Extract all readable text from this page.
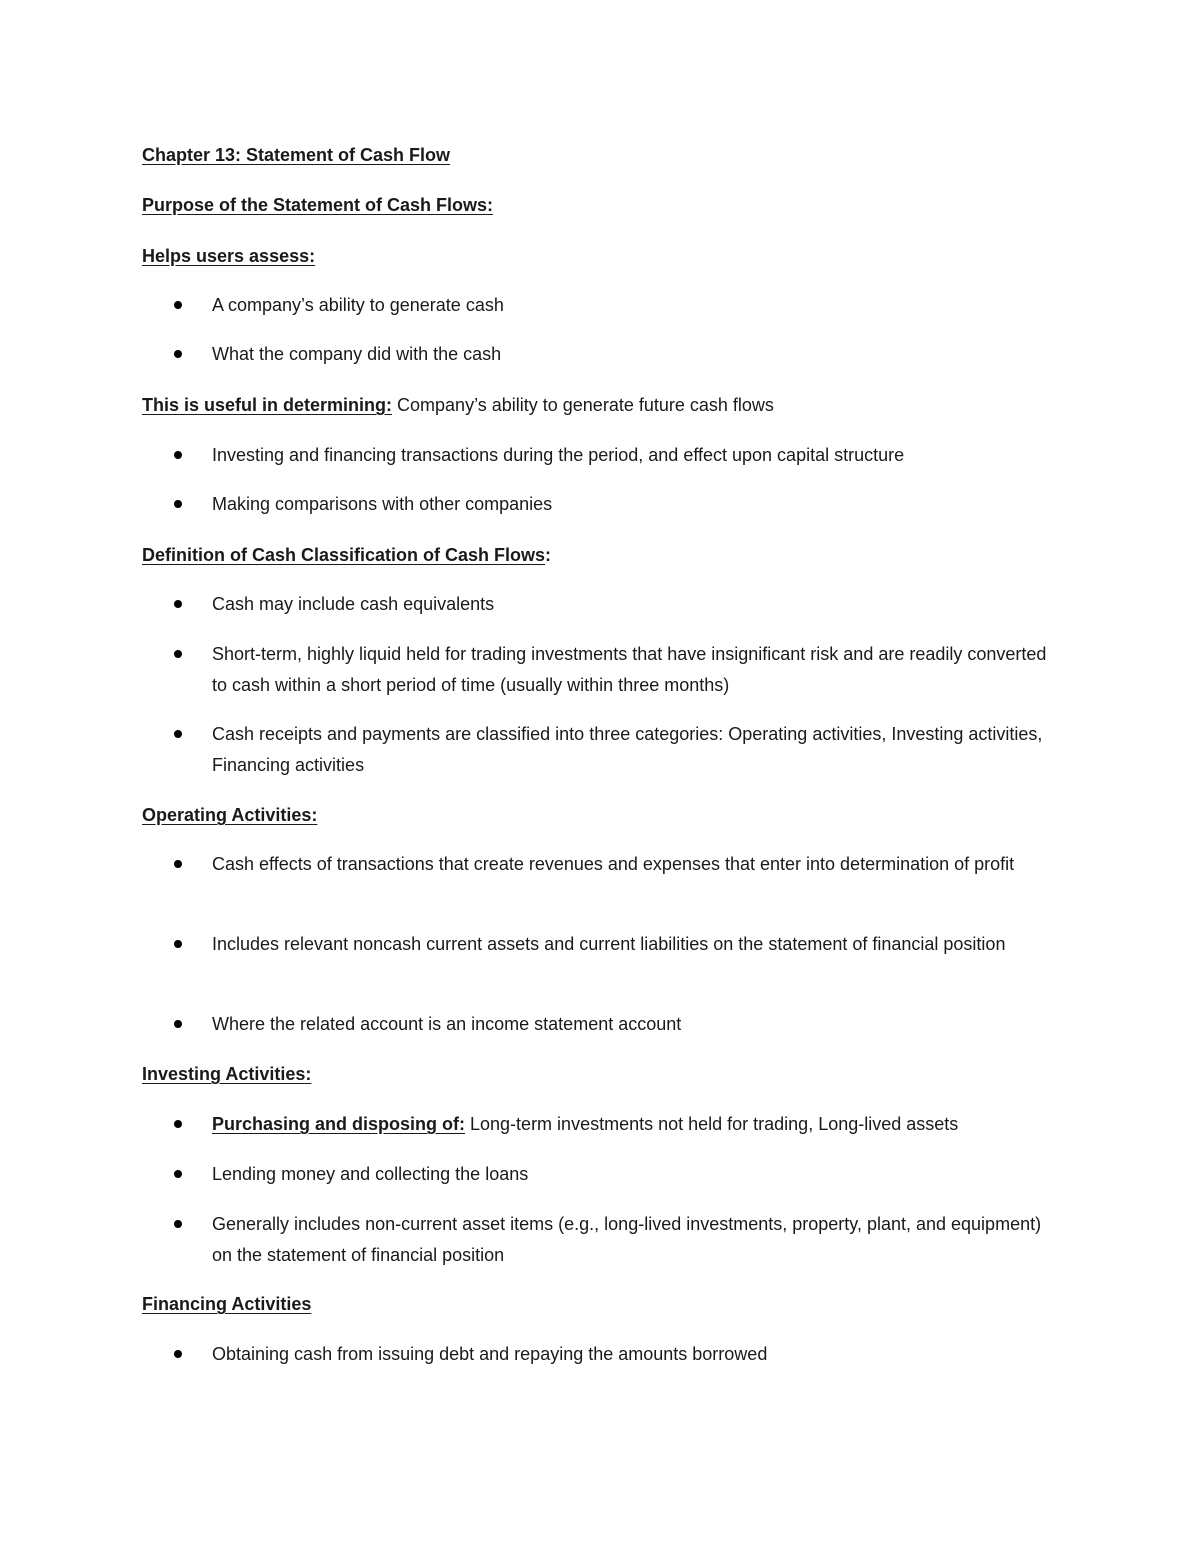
Chapter 13: Statement of Cash Flow
Purpose of the Statement of Cash Flows:
Helps users assess:
A company’s ability to generate cash
What the company did with the cash
This is useful in determining: Company’s ability to generate future cash flows
Investing and financing transactions during the period, and effect upon capital structure
Making comparisons with other companies
Definition of Cash Classification of Cash Flows:
Cash may include cash equivalents
Short-term, highly liquid held for trading investments that have insignificant risk and are readily converted to cash within a short period of time (usually within three months)
Cash receipts and payments are classified into three categories: Operating activities, Investing activities, Financing activities
Operating Activities:
Cash effects of transactions that create revenues and expenses that enter into determination of profit
Includes relevant noncash current assets and current liabilities on the statement of financial position
Where the related account is an income statement account
Investing Activities:
Purchasing and disposing of: Long-term investments not held for trading, Long-lived assets
Lending money and collecting the loans
Generally includes non-current asset items (e.g., long-lived investments, property, plant, and equipment) on the statement of financial position
Financing Activities
Obtaining cash from issuing debt and repaying the amounts borrowed
